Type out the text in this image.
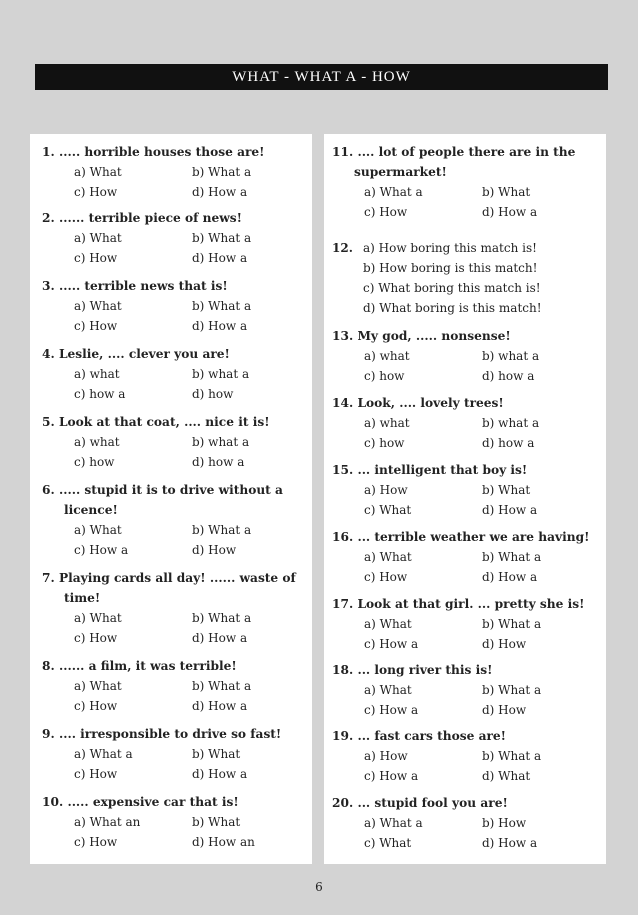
WHAT - WHAT A - HOW
1. ..... horrible houses those are!
a) What	b) What a
c) How	d) How a
2. ...... terrible piece of news!
a) What	b) What a
c) How	d) How a
3. ..... terrible news that is!
a) What	b) What a
c) How	d) How a
4. Leslie, .... clever you are!
a) what	b) what a
c) how a	d) how
5. Look at that coat, .... nice it is!
a) what	b) what a
c) how	d) how a
6. ..... stupid it is to drive without a
licence!
a) What	b) What a
c) How a	d) How
7. Playing cards all day! ...... waste of
time!
a) What	b) What a
c) How	d) How a
8. ...... a film, it was terrible!
a) What	b) What a
c) How	d) How a
9. .... irresponsible to drive so fast!
a) What a	b) What
c) How	d) How a
10. ..... expensive car that is!
a) What an	b) What
c) How	d) How an
11. .... lot of people there are in the
supermarket!
a) What a	b) What
c) How	d) How a
12. a) How boring this match is!
b) How boring is this match!
c) What boring this match is!
d) What boring is this match!
13. My god, ..... nonsense!
a) what	b) what a
c) how	d) how a
14. Look, .... lovely trees!
a) what	b) what a
c) how	d) how a
15. ... intelligent that boy is!
a) How	b) What
c) What	d) How a
16. ... terrible weather we are having!
a) What	b) What a
c) How	d) How a
17. Look at that girl. ... pretty she is!
a) What	b) What a
c) How a	d) How
18. ... long river this is!
a) What	b) What a
c) How a	d) How
19. ... fast cars those are!
a) How	b) What a
c) How a	d) What
20. ... stupid fool you are!
a) What a	b) How
c) What	d) How a
6
